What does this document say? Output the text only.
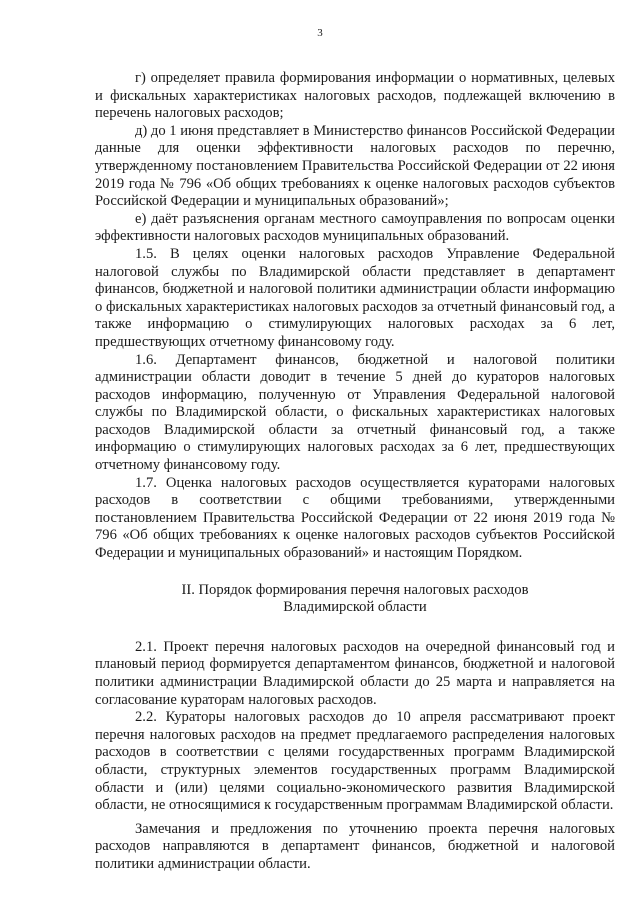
3

г) определяет правила формирования информации о нормативных, целевых и фискальных характеристиках налоговых расходов, подлежащей включению в перечень налоговых расходов;

д) до 1 июня представляет в Министерство финансов Российской Федерации данные для оценки эффективности налоговых расходов по перечню, утвержденному постановлением Правительства Российской Федерации от 22 июня 2019 года № 796 «Об общих требованиях к оценке налоговых расходов субъектов Российской Федерации и муниципальных образований»;

е) даёт разъяснения органам местного самоуправления по вопросам оценки эффективности налоговых расходов муниципальных образований.

1.5. В целях оценки налоговых расходов Управление Федеральной налоговой службы по Владимирской области представляет в департамент финансов, бюджетной и налоговой политики администрации области информацию о фискальных характеристиках налоговых расходов за отчетный финансовый год, а также информацию о стимулирующих налоговых расходах за 6 лет, предшествующих отчетному финансовому году.

1.6. Департамент финансов, бюджетной и налоговой политики администрации области доводит в течение 5 дней до кураторов налоговых расходов информацию, полученную от Управления Федеральной налоговой службы по Владимирской области, о фискальных характеристиках налоговых расходов Владимирской области за отчетный финансовый год, а также информацию о стимулирующих налоговых расходах за 6 лет, предшествующих отчетному финансовому году.

1.7. Оценка налоговых расходов осуществляется кураторами налоговых расходов в соответствии с общими требованиями, утвержденными постановлением Правительства Российской Федерации от 22 июня 2019 года № 796 «Об общих требованиях к оценке налоговых расходов субъектов Российской Федерации и муниципальных образований» и настоящим Порядком.

II. Порядок формирования перечня налоговых расходов
Владимирской области

2.1. Проект перечня налоговых расходов на очередной финансовый год и плановый период формируется департаментом финансов, бюджетной и налоговой политики администрации Владимирской области до 25 марта и направляется на согласование кураторам налоговых расходов.

2.2. Кураторы налоговых расходов до 10 апреля рассматривают проект перечня налоговых расходов на предмет предлагаемого распределения налоговых расходов в соответствии с целями государственных программ Владимирской области, структурных элементов государственных программ Владимирской области и (или) целями социально-экономического развития Владимирской области, не относящимися к государственным программам Владимирской области.

Замечания и предложения по уточнению проекта перечня налоговых расходов направляются в департамент финансов, бюджетной и налоговой политики администрации области.
